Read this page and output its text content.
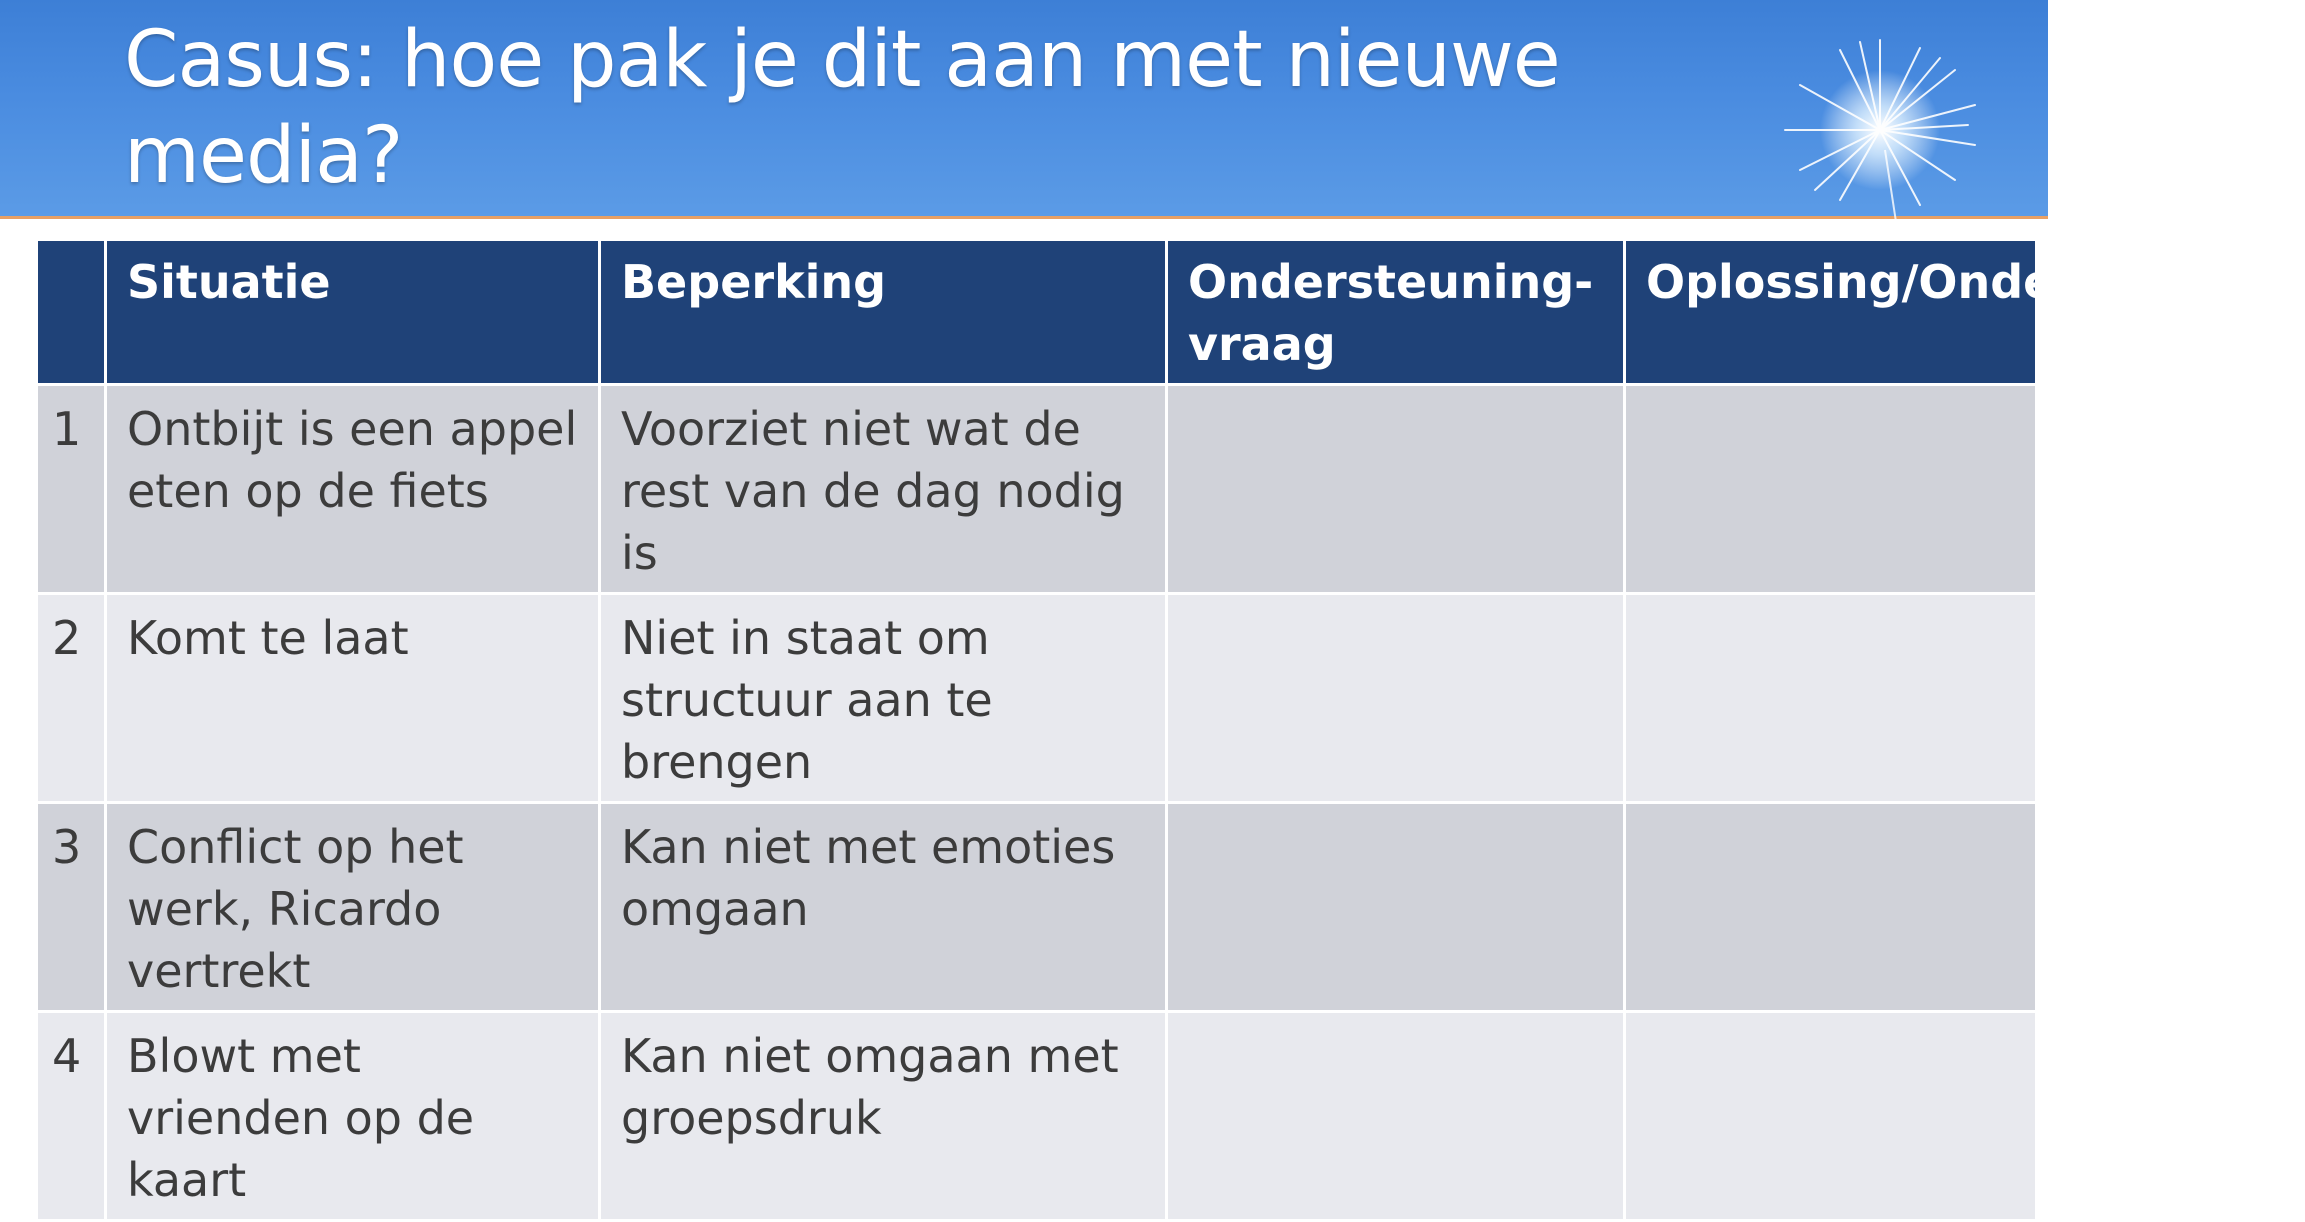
Casus: hoe pak je dit aan met nieuwe media?
	Situatie	Beperking	Ondersteuning-vraag	Oplossing/Ondersteuning
1	Ontbijt is een appel eten op de fiets	Voorziet niet wat de rest van de dag nodig is		
2	Komt te laat	Niet in staat om structuur aan te brengen		
3	Conflict op het werk, Ricardo vertrekt	Kan niet met emoties omgaan		
4	Blowt met vrienden op de kaart	Kan niet omgaan met groepsdruk		
